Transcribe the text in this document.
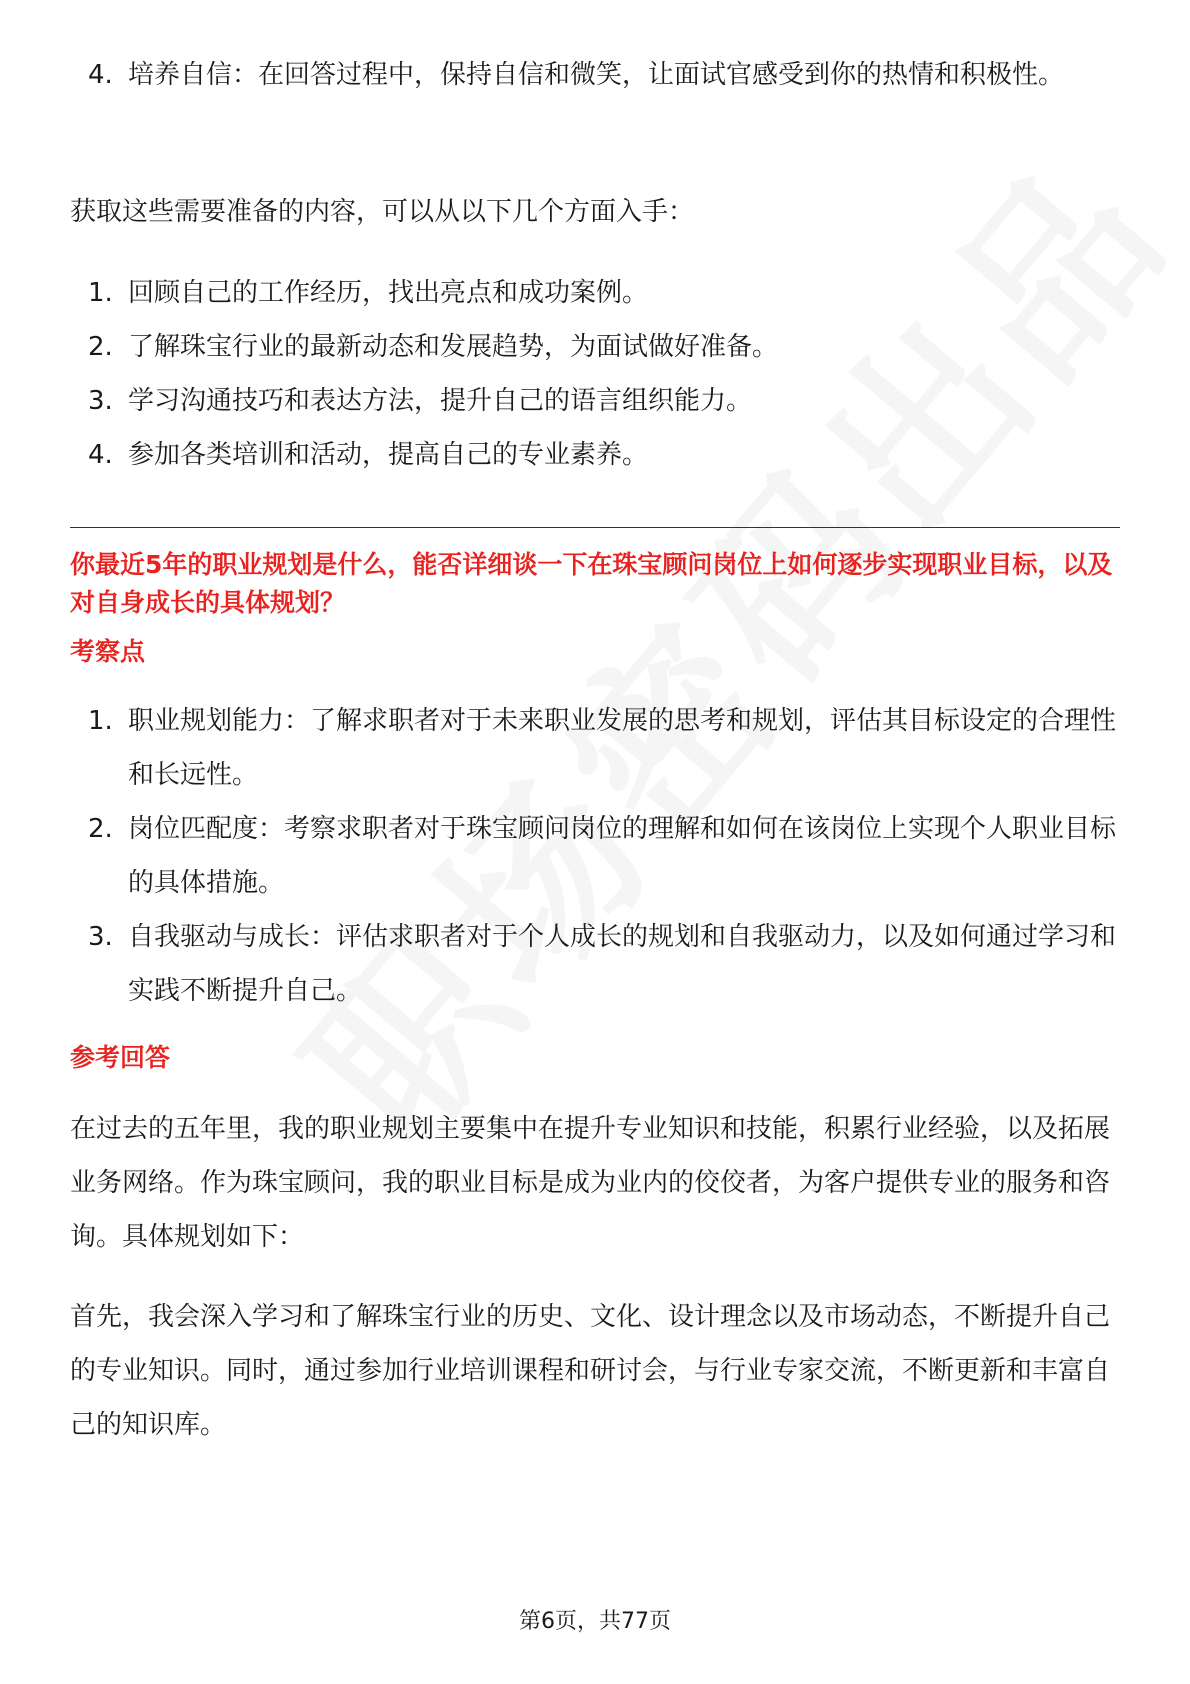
4. 培养自信：在回答过程中，保持自信和微笑，让面试官感受到你的热情和积极性。

获取这些需要准备的内容，可以从以下几个方面入手：

1. 回顾自己的工作经历，找出亮点和成功案例。
2. 了解珠宝行业的最新动态和发展趋势，为面试做好准备。
3. 学习沟通技巧和表达方法，提升自己的语言组织能力。
4. 参加各类培训和活动，提高自己的专业素养。

你最近5年的职业规划是什么，能否详细谈一下在珠宝顾问岗位上如何逐步实现职业目标，以及对自身成长的具体规划？

考察点

1. 职业规划能力：了解求职者对于未来职业发展的思考和规划，评估其目标设定的合理性和长远性。
2. 岗位匹配度：考察求职者对于珠宝顾问岗位的理解和如何在该岗位上实现个人职业目标的具体措施。
3. 自我驱动与成长：评估求职者对于个人成长的规划和自我驱动力，以及如何通过学习和实践不断提升自己。

参考回答

在过去的五年里，我的职业规划主要集中在提升专业知识和技能，积累行业经验，以及拓展业务网络。作为珠宝顾问，我的职业目标是成为业内的佼佼者，为客户提供专业的服务和咨询。具体规划如下：

首先，我会深入学习和了解珠宝行业的历史、文化、设计理念以及市场动态，不断提升自己的专业知识。同时，通过参加行业培训课程和研讨会，与行业专家交流，不断更新和丰富自己的知识库。

第6页，共77页
